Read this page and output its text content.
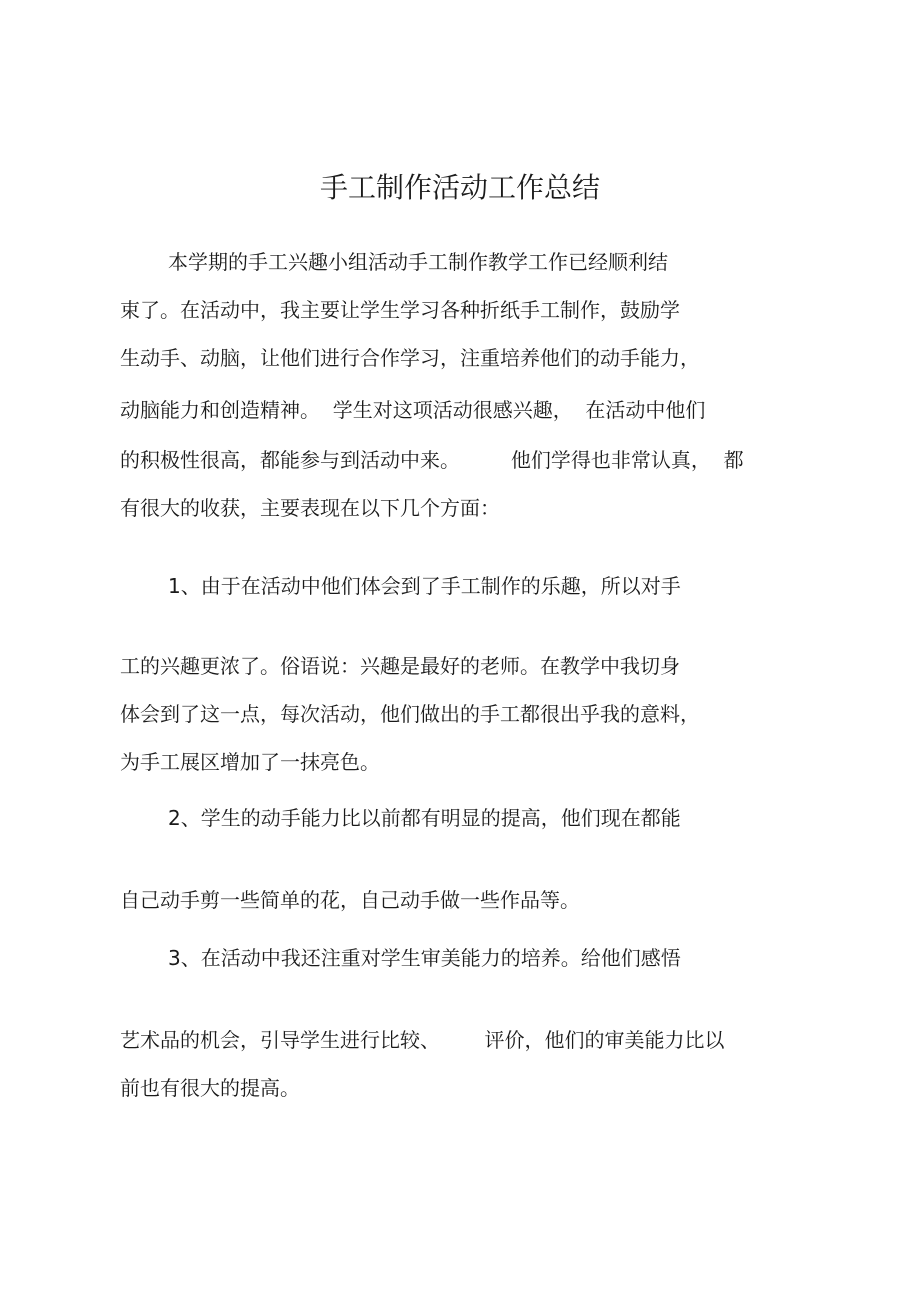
手工制作活动工作总结

本学期的手工兴趣小组活动手工制作教学工作已经顺利结

束了。在活动中，我主要让学生学习各种折纸手工制作，鼓励学

生动手、动脑，让他们进行合作学习，注重培养他们的动手能力，

动脑能力和创造精神。  学生对这项活动很感兴趣，  在活动中他们

的积极性很高，都能参与到活动中来。        他们学得也非常认真，  都

有很大的收获，主要表现在以下几个方面：

1、由于在活动中他们体会到了手工制作的乐趣，所以对手

工的兴趣更浓了。俗语说：兴趣是最好的老师。在教学中我切身

体会到了这一点，每次活动，他们做出的手工都很出乎我的意料，

为手工展区增加了一抹亮色。

2、学生的动手能力比以前都有明显的提高，他们现在都能

自己动手剪一些简单的花，自己动手做一些作品等。

3、在活动中我还注重对学生审美能力的培养。给他们感悟

艺术品的机会，引导学生进行比较、       评价，他们的审美能力比以

前也有很大的提高。
